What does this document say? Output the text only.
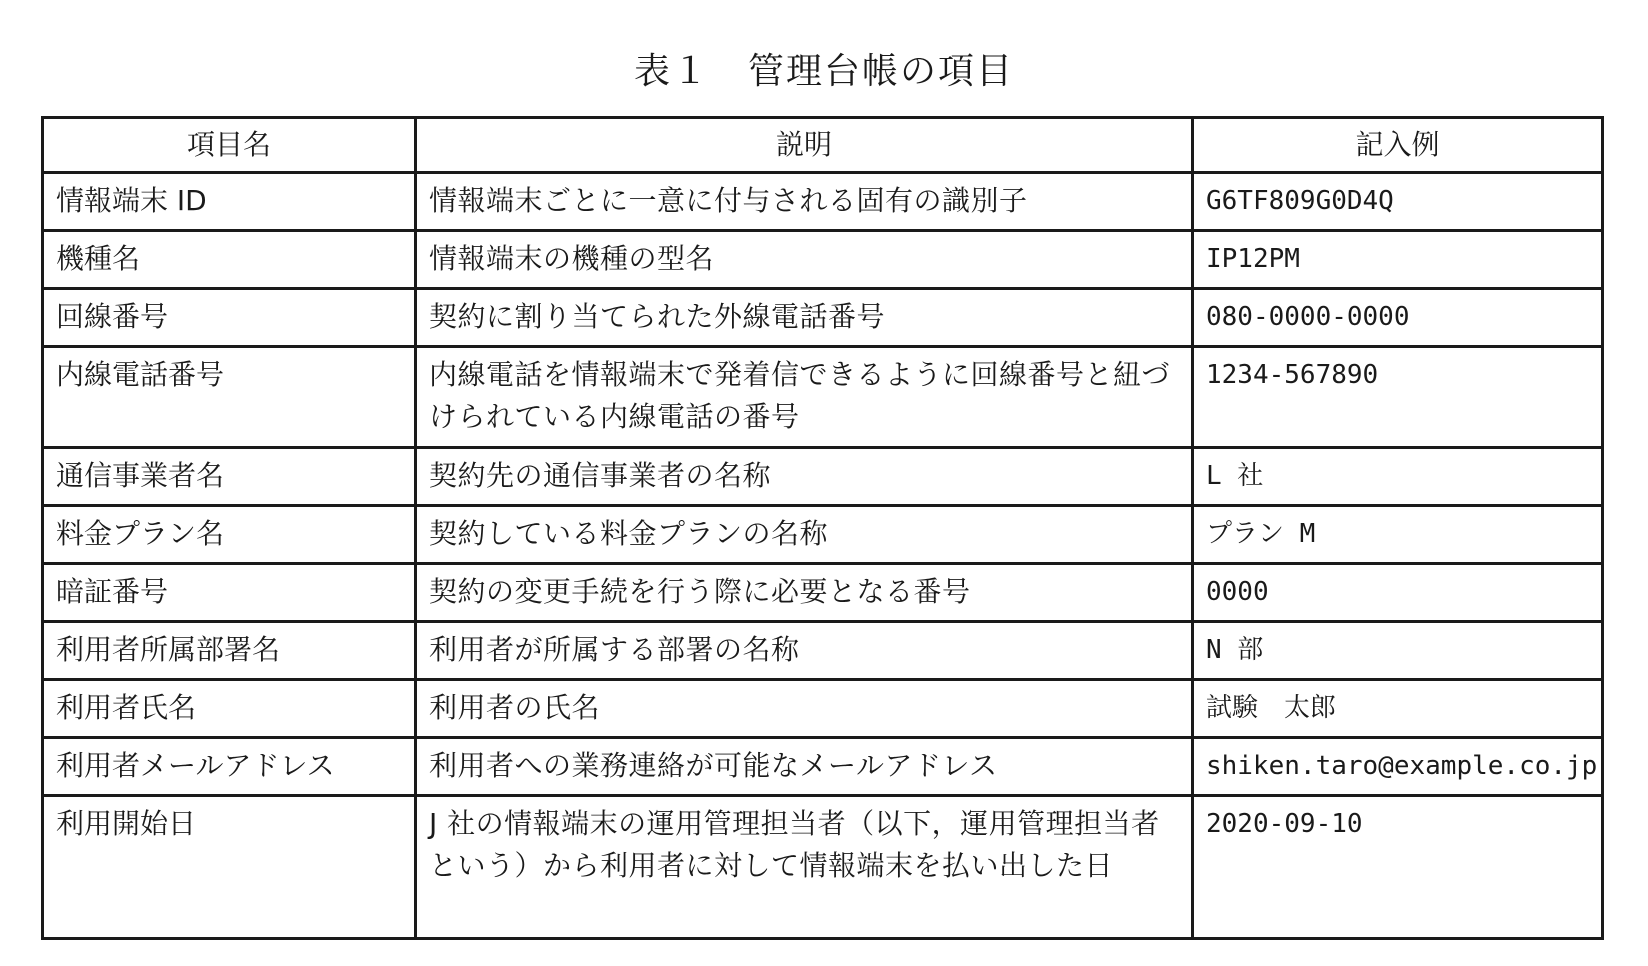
表１　管理台帳の項目
項目名	説明	記入例
情報端末 ID	情報端末ごとに一意に付与される固有の識別子	G6TF809G0D4Q
機種名	情報端末の機種の型名	IP12PM
回線番号	契約に割り当てられた外線電話番号	080-0000-0000
内線電話番号	内線電話を情報端末で発着信できるように回線番号と紐づけられている内線電話の番号	1234-567890
通信事業者名	契約先の通信事業者の名称	L 社
料金プラン名	契約している料金プランの名称	プラン M
暗証番号	契約の変更手続を行う際に必要となる番号	0000
利用者所属部署名	利用者が所属する部署の名称	N 部
利用者氏名	利用者の氏名	試験　太郎
利用者メールアドレス	利用者への業務連絡が可能なメールアドレス	shiken.taro@example.co.jp
利用開始日	J 社の情報端末の運用管理担当者（以下，運用管理担当者という）から利用者に対して情報端末を払い出した日	2020-09-10
